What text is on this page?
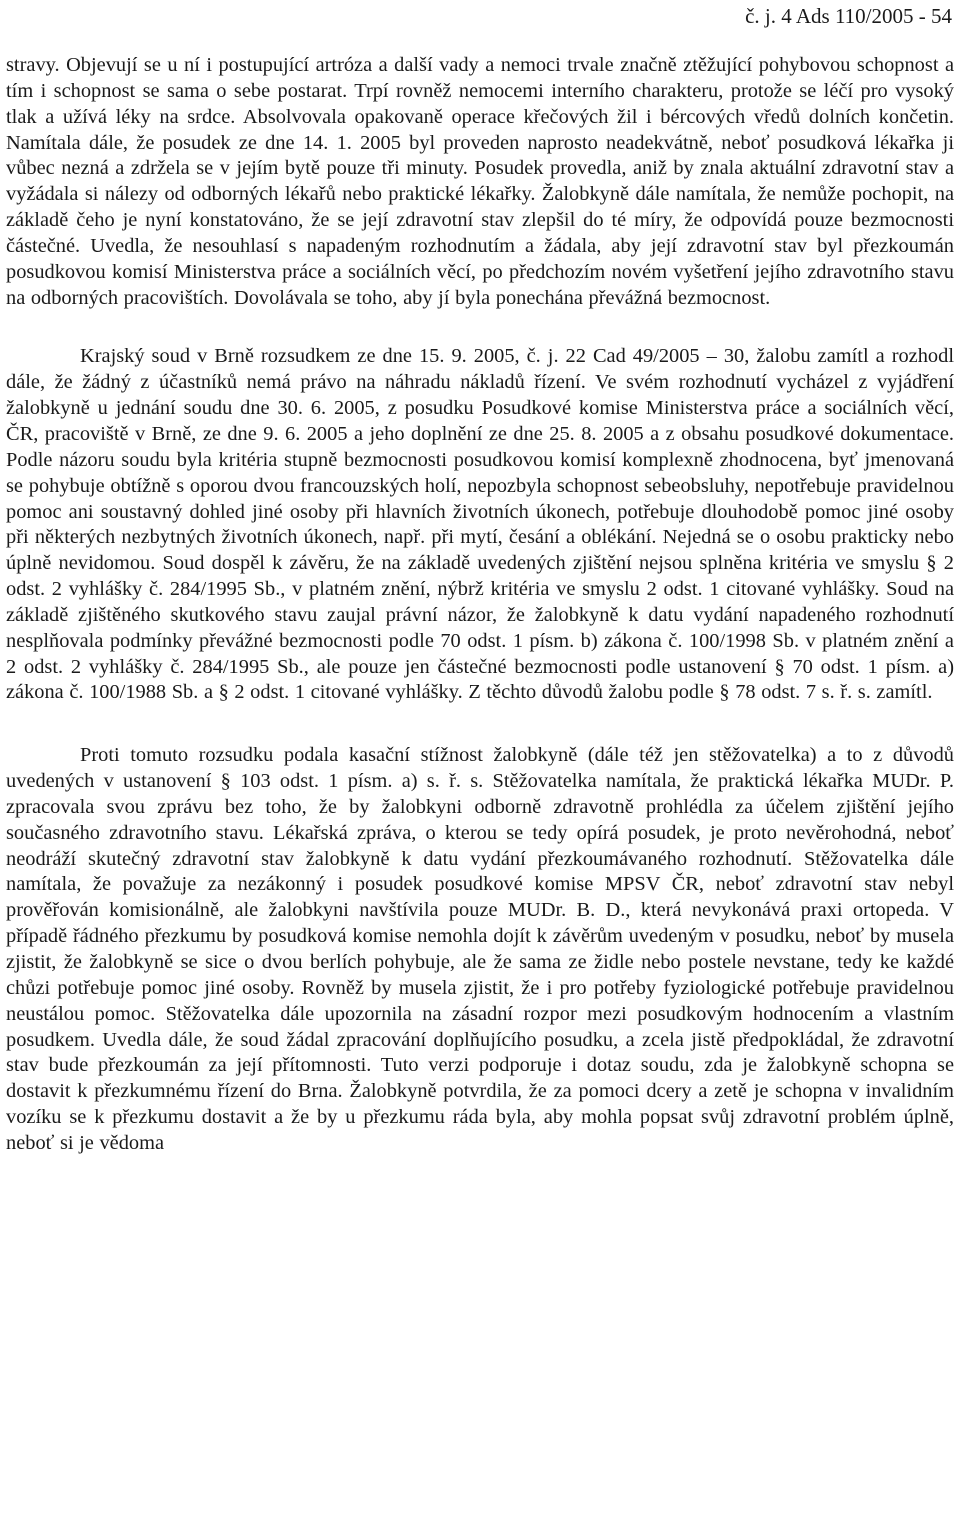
č. j. 4 Ads 110/2005 - 54

stravy. Objevují se u ní i postupující artróza a další vady a nemoci trvale značně ztěžující pohybovou schopnost a tím i schopnost se sama o sebe postarat. Trpí rovněž nemocemi interního charakteru, protože se léčí pro vysoký tlak a užívá léky na srdce. Absolvovala opakovaně operace křečových žil i bércových vředů dolních končetin. Namítala dále, že posudek ze dne 14. 1. 2005 byl proveden naprosto neadekvátně, neboť posudková lékařka ji vůbec nezná a zdržela se v jejím bytě pouze tři minuty. Posudek provedla, aniž by znala aktuální zdravotní stav a vyžádala si nálezy od odborných lékařů nebo praktické lékařky. Žalobkyně dále namítala, že nemůže pochopit, na základě čeho je nyní konstatováno, že se její zdravotní stav zlepšil do té míry, že odpovídá pouze bezmocnosti částečné. Uvedla, že nesouhlasí s napadeným rozhodnutím a žádala, aby její zdravotní stav byl přezkoumán posudkovou komisí Ministerstva práce a sociálních věcí, po předchozím novém vyšetření jejího zdravotního stavu na odborných pracovištích. Dovolávala se toho, aby jí byla ponechána převážná bezmocnost.

Krajský soud v Brně rozsudkem ze dne 15. 9. 2005, č. j. 22 Cad 49/2005 – 30, žalobu zamítl a rozhodl dále, že žádný z účastníků nemá právo na náhradu nákladů řízení. Ve svém rozhodnutí vycházel z vyjádření žalobkyně u jednání soudu dne 30. 6. 2005, z posudku Posudkové komise Ministerstva práce a sociálních věcí, ČR, pracoviště v Brně, ze dne 9. 6. 2005 a jeho doplnění ze dne 25. 8. 2005 a z obsahu posudkové dokumentace. Podle názoru soudu byla kritéria stupně bezmocnosti posudkovou komisí komplexně zhodnocena, byť jmenovaná se pohybuje obtížně s oporou dvou francouzských holí, nepozbyla schopnost sebeobsluhy, nepotřebuje pravidelnou pomoc ani soustavný dohled jiné osoby při hlavních životních úkonech, potřebuje dlouhodobě pomoc jiné osoby při některých nezbytných životních úkonech, např. při mytí, česání a oblékání. Nejedná se o osobu prakticky nebo úplně nevidomou. Soud dospěl k závěru, že na základě uvedených zjištění nejsou splněna kritéria ve smyslu § 2 odst. 2 vyhlášky č. 284/1995 Sb., v platném znění, nýbrž kritéria ve smyslu 2 odst. 1 citované vyhlášky. Soud na základě zjištěného skutkového stavu zaujal právní názor, že žalobkyně k datu vydání napadeného rozhodnutí nesplňovala podmínky převážné bezmocnosti podle 70 odst. 1 písm. b) zákona č. 100/1998 Sb. v platném znění a 2 odst. 2 vyhlášky č. 284/1995 Sb., ale pouze jen částečné bezmocnosti podle ustanovení § 70 odst. 1 písm. a) zákona č. 100/1988 Sb. a § 2 odst. 1 citované vyhlášky. Z těchto důvodů žalobu podle § 78 odst. 7 s. ř. s. zamítl.

Proti tomuto rozsudku podala kasační stížnost žalobkyně (dále též jen stěžovatelka) a to z důvodů uvedených v ustanovení § 103 odst. 1 písm. a) s. ř. s. Stěžovatelka namítala, že praktická lékařka MUDr. P. zpracovala svou zprávu bez toho, že by žalobkyni odborně zdravotně prohlédla za účelem zjištění jejího současného zdravotního stavu. Lékařská zpráva, o kterou se tedy opírá posudek, je proto nevěrohodná, neboť neodráží skutečný zdravotní stav žalobkyně k datu vydání přezkoumávaného rozhodnutí. Stěžovatelka dále namítala, že považuje za nezákonný i posudek posudkové komise MPSV ČR, neboť zdravotní stav nebyl prověřován komisionálně, ale žalobkyni navštívila pouze MUDr. B. D., která nevykonává praxi ortopeda. V případě řádného přezkumu by posudková komise nemohla dojít k závěrům uvedeným v posudku, neboť by musela zjistit, že žalobkyně se sice o dvou berlích pohybuje, ale že sama ze židle nebo postele nevstane, tedy ke každé chůzi potřebuje pomoc jiné osoby. Rovněž by musela zjistit, že i pro potřeby fyziologické potřebuje pravidelnou neustálou pomoc. Stěžovatelka dále upozornila na zásadní rozpor mezi posudkovým hodnocením a vlastním posudkem. Uvedla dále, že soud žádal zpracování doplňujícího posudku, a zcela jistě předpokládal, že zdravotní stav bude přezkoumán za její přítomnosti. Tuto verzi podporuje i dotaz soudu, zda je žalobkyně schopna se dostavit k přezkumnému řízení do Brna. Žalobkyně potvrdila, že za pomoci dcery a zetě je schopna v invalidním vozíku se k přezkumu dostavit a že by u přezkumu ráda byla, aby mohla popsat svůj zdravotní problém úplně, neboť si je vědoma
